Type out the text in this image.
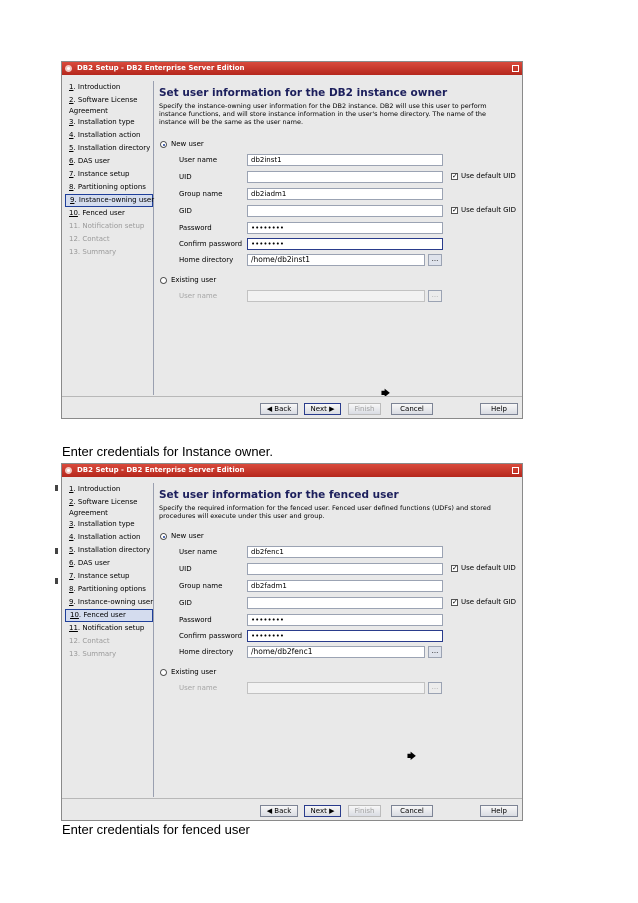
DB2 Setup - DB2 Enterprise Server Edition
1. Introduction
2. Software License Agreement
3. Installation type
4. Installation action
5. Installation directory
6. DAS user
7. Instance setup
8. Partitioning options
9. Instance-owning user
10. Fenced user
11. Notification setup
12. Contact
13. Summary
Set user information for the DB2 instance owner
Specify the instance-owning user information for the DB2 instance. DB2 will use this user to perform instance functions, and will store instance information in the user's home directory. The name of the instance will be the same as the user name.
New user
User name	db2inst1
UID	✓ Use default UID
Group name	db2iadm1
GID	✓ Use default GID
Password	••••••••
Confirm password	••••••••
Home directory	/home/db2inst1	...
Existing user
User name	...
🡆
◀ Back	Next ▶	Finish	Cancel	Help
Enter credentials for Instance owner.
DB2 Setup - DB2 Enterprise Server Edition
1. Introduction
2. Software License Agreement
3. Installation type
4. Installation action
5. Installation directory
6. DAS user
7. Instance setup
8. Partitioning options
9. Instance-owning user
10. Fenced user
11. Notification setup
12. Contact
13. Summary
Set user information for the fenced user
Specify the required information for the fenced user. Fenced user defined functions (UDFs) and stored procedures will execute under this user and group.
New user
User name	db2fenc1
UID	✓ Use default UID
Group name	db2fadm1
GID	✓ Use default GID
Password	••••••••
Confirm password	••••••••
Home directory	/home/db2fenc1	...
Existing user
User name	...
🡆
◀ Back	Next ▶	Finish	Cancel	Help
Enter credentials for fenced user
